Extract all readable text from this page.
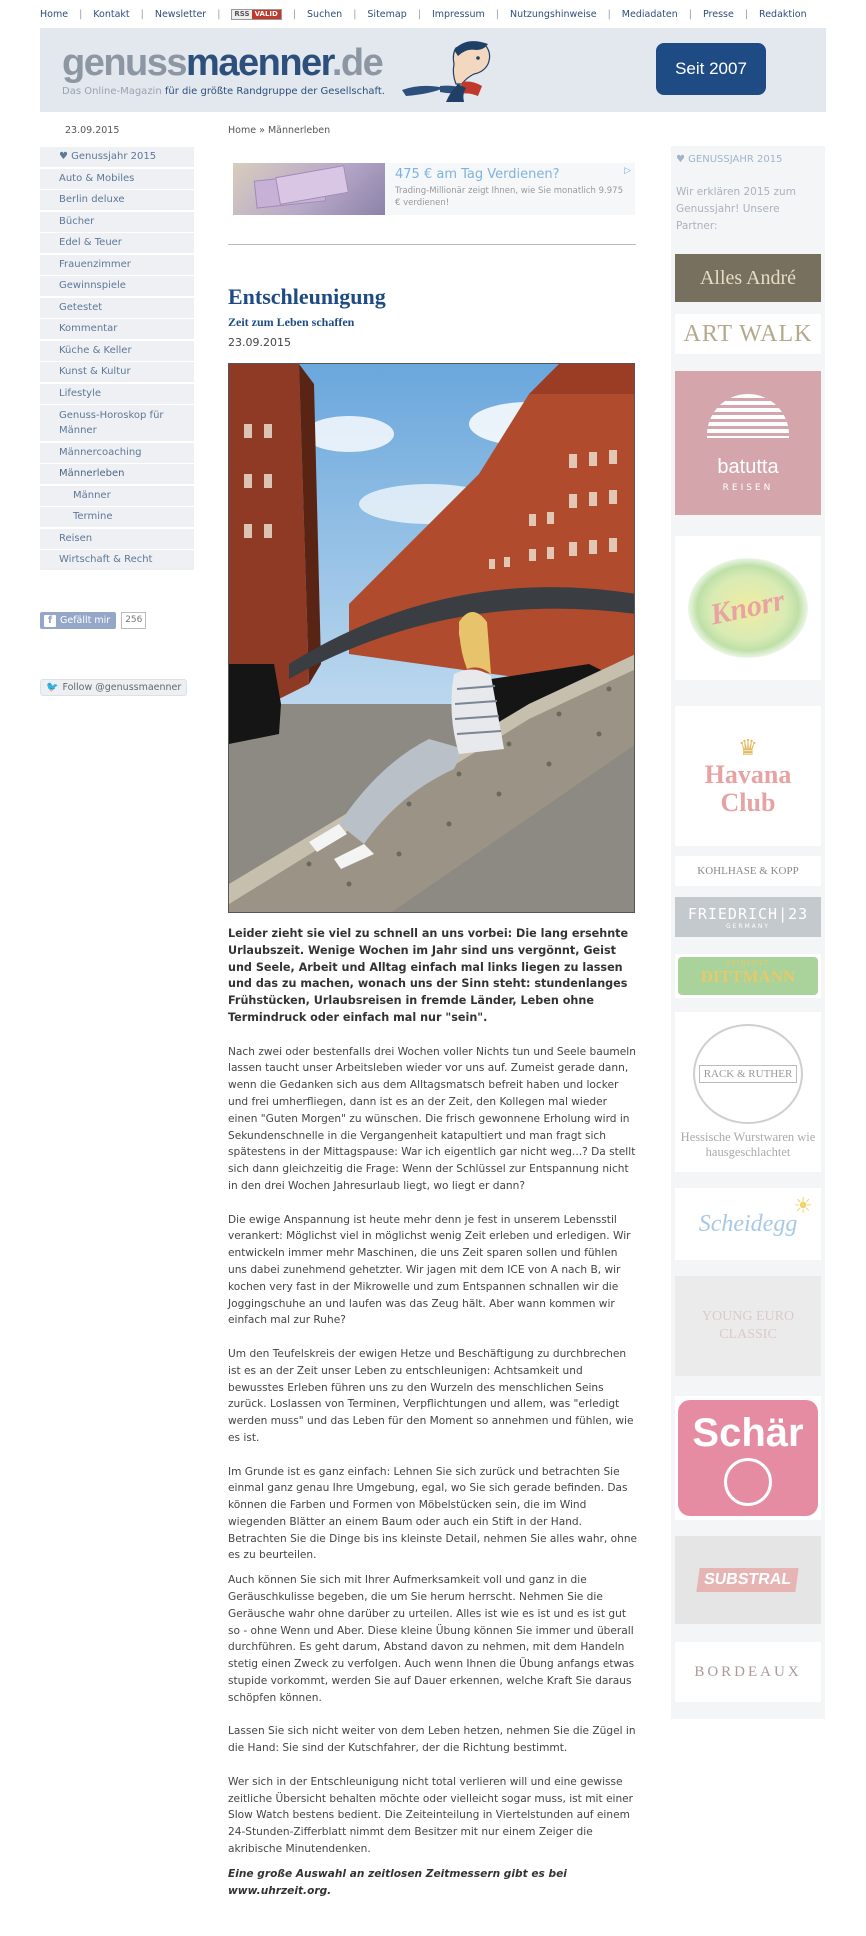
Home | Kontakt | Newsletter | RSS VALID	| Suchen | Sitemap | Impressum | Nutzungshinweise | Mediadaten | Presse | Redaktion
genussmaenner.de
Das Online-Magazin für die größte Randgruppe der Gesellschaft.
Seit 2007
23.09.2015
♥ Genussjahr 2015
Auto & Mobiles
Berlin deluxe
Bücher
Edel & Teuer
Frauenzimmer
Gewinnspiele
Getestet
Kommentar
Küche & Keller
Kunst & Kultur
Lifestyle
Genuss-Horoskop für Männer
Männercoaching
Männerleben
Männer
Termine
Reisen
Wirtschaft & Recht
f Gefällt mir	256
🐦 Follow @genussmaenner
Home » Männerleben
475 € am Tag Verdienen?
Trading-Millionär zeigt Ihnen, wie Sie monatlich 9.975 € verdienen!
▷
Entschleunigung
Zeit zum Leben schaffen
23.09.2015

Leider zieht sie viel zu schnell an uns vorbei: Die lang ersehnte Urlaubszeit. Wenige Wochen im Jahr sind uns vergönnt, Geist und Seele, Arbeit und Alltag einfach mal links liegen zu lassen und das zu machen, wonach uns der Sinn steht: stundenlanges Frühstücken, Urlaubsreisen in fremde Länder, Leben ohne Termindruck oder einfach mal nur "sein".

Nach zwei oder bestenfalls drei Wochen voller Nichts tun und Seele baumeln lassen taucht unser Arbeitsleben wieder vor uns auf. Zumeist gerade dann, wenn die Gedanken sich aus dem Alltagsmatsch befreit haben und locker und frei umherfliegen, dann ist es an der Zeit, den Kollegen mal wieder einen "Guten Morgen" zu wünschen. Die frisch gewonnene Erholung wird in Sekundenschnelle in die Vergangenheit katapultiert und man fragt sich spätestens in der Mittagspause: War ich eigentlich gar nicht weg...? Da stellt sich dann gleichzeitig die Frage: Wenn der Schlüssel zur Entspannung nicht in den drei Wochen Jahresurlaub liegt, wo liegt er dann?

Die ewige Anspannung ist heute mehr denn je fest in unserem Lebensstil verankert: Möglichst viel in möglichst wenig Zeit erleben und erledigen. Wir entwickeln immer mehr Maschinen, die uns Zeit sparen sollen und fühlen uns dabei zunehmend gehetzter. Wir jagen mit dem ICE von A nach B, wir kochen very fast in der Mikrowelle und zum Entspannen schnallen wir die Joggingschuhe an und laufen was das Zeug hält. Aber wann kommen wir einfach mal zur Ruhe?

Um den Teufelskreis der ewigen Hetze und Beschäftigung zu durchbrechen ist es an der Zeit unser Leben zu entschleunigen: Achtsamkeit und bewusstes Erleben führen uns zu den Wurzeln des menschlichen Seins zurück. Loslassen von Terminen, Verpflichtungen und allem, was "erledigt werden muss" und das Leben für den Moment so annehmen und fühlen, wie es ist.

Im Grunde ist es ganz einfach: Lehnen Sie sich zurück und betrachten Sie einmal ganz genau Ihre Umgebung, egal, wo Sie sich gerade befinden. Das können die Farben und Formen von Möbelstücken sein, die im Wind wiegenden Blätter an einem Baum oder auch ein Stift in der Hand. Betrachten Sie die Dinge bis ins kleinste Detail, nehmen Sie alles wahr, ohne es zu beurteilen.

Auch können Sie sich mit Ihrer Aufmerksamkeit voll und ganz in die Geräuschkulisse begeben, die um Sie herum herrscht. Nehmen Sie die Geräusche wahr ohne darüber zu urteilen. Alles ist wie es ist und es ist gut so - ohne Wenn und Aber. Diese kleine Übung können Sie immer und überall durchführen. Es geht darum, Abstand davon zu nehmen, mit dem Handeln stetig einen Zweck zu verfolgen. Auch wenn Ihnen die Übung anfangs etwas stupide vorkommt, werden Sie auf Dauer erkennen, welche Kraft Sie daraus schöpfen können.

Lassen Sie sich nicht weiter von dem Leben hetzen, nehmen Sie die Zügel in die Hand: Sie sind der Kutschfahrer, der die Richtung bestimmt.

Wer sich in der Entschleunigung nicht total verlieren will und eine gewisse zeitliche Übersicht behalten möchte oder vielleicht sogar muss, ist mit einer Slow Watch bestens bedient. Die Zeiteinteilung in Viertelstunden auf einem 24-Stunden-Zifferblatt nimmt dem Besitzer mit nur einem Zeiger die akribische Minutendenken.

Eine große Auswahl an zeitlosen Zeitmessern gibt es bei www.uhrzeit.org.

♥ GENUSSJAHR 2015
Wir erklären 2015 zum Genussjahr! Unsere Partner:
Alles André
ART WALK
batutta
REISEN
Knorr
♛
Havana Club
KOHLHASE & KOPP
FRIEDRICH|23
GERMANY
FEINKOST
DITTMANN
RACK & RUTHER
Hessische Wurstwaren wie hausgeschlachtet
Scheidegg
☀
YOUNG EURO CLASSIC
Schär
SUBSTRAL
BORDEAUX
